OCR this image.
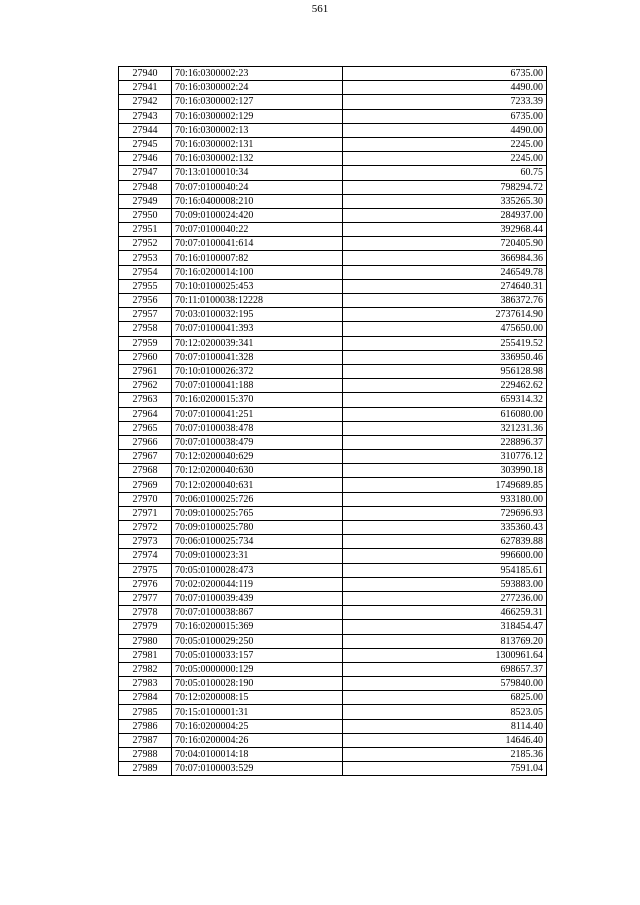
561
27940	70:16:0300002:23	6735.00
27941	70:16:0300002:24	4490.00
27942	70:16:0300002:127	7233.39
27943	70:16:0300002:129	6735.00
27944	70:16:0300002:13	4490.00
27945	70:16:0300002:131	2245.00
27946	70:16:0300002:132	2245.00
27947	70:13:0100010:34	60.75
27948	70:07:0100040:24	798294.72
27949	70:16:0400008:210	335265.30
27950	70:09:0100024:420	284937.00
27951	70:07:0100040:22	392968.44
27952	70:07:0100041:614	720405.90
27953	70:16:0100007:82	366984.36
27954	70:16:0200014:100	246549.78
27955	70:10:0100025:453	274640.31
27956	70:11:0100038:12228	386372.76
27957	70:03:0100032:195	2737614.90
27958	70:07:0100041:393	475650.00
27959	70:12:0200039:341	255419.52
27960	70:07:0100041:328	336950.46
27961	70:10:0100026:372	956128.98
27962	70:07:0100041:188	229462.62
27963	70:16:0200015:370	659314.32
27964	70:07:0100041:251	616080.00
27965	70:07:0100038:478	321231.36
27966	70:07:0100038:479	228896.37
27967	70:12:0200040:629	310776.12
27968	70:12:0200040:630	303990.18
27969	70:12:0200040:631	1749689.85
27970	70:06:0100025:726	933180.00
27971	70:09:0100025:765	729696.93
27972	70:09:0100025:780	335360.43
27973	70:06:0100025:734	627839.88
27974	70:09:0100023:31	996600.00
27975	70:05:0100028:473	954185.61
27976	70:02:0200044:119	593883.00
27977	70:07:0100039:439	277236.00
27978	70:07:0100038:867	466259.31
27979	70:16:0200015:369	318454.47
27980	70:05:0100029:250	813769.20
27981	70:05:0100033:157	1300961.64
27982	70:05:0000000:129	698657.37
27983	70:05:0100028:190	579840.00
27984	70:12:0200008:15	6825.00
27985	70:15:0100001:31	8523.05
27986	70:16:0200004:25	8114.40
27987	70:16:0200004:26	14646.40
27988	70:04:0100014:18	2185.36
27989	70:07:0100003:529	7591.04
